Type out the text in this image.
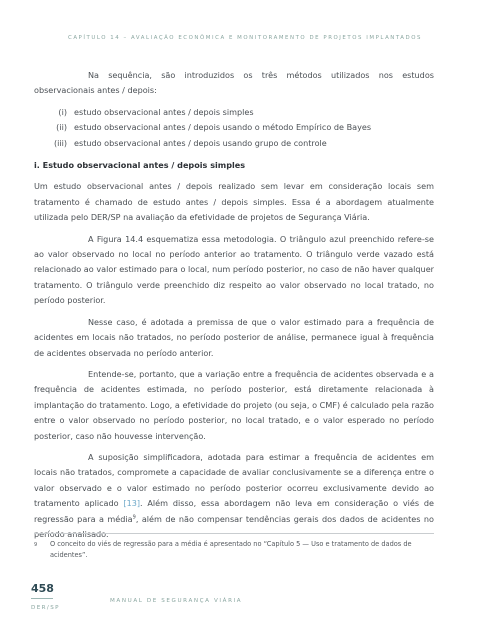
CAPÍTULO 14 – AVALIAÇÃO ECONÔMICA E MONITORAMENTO DE PROJETOS IMPLANTADOS

Na sequência, são introduzidos os três métodos utilizados nos estudos observacionais antes / depois:

(i) estudo observacional antes / depois simples
(ii) estudo observacional antes / depois usando o método Empírico de Bayes
(iii) estudo observacional antes / depois usando grupo de controle

i. Estudo observacional antes / depois simples

Um estudo observacional antes / depois realizado sem levar em consideração locais sem tratamento é chamado de estudo antes / depois simples. Essa é a abordagem atualmente utilizada pelo DER/SP na avaliação da efetividade de projetos de Segurança Viária.

A Figura 14.4 esquematiza essa metodologia. O triângulo azul preenchido refere-se ao valor observado no local no período anterior ao tratamento. O triângulo verde vazado está relacionado ao valor estimado para o local, num período posterior, no caso de não haver qualquer tratamento. O triângulo verde preenchido diz respeito ao valor observado no local tratado, no período posterior.

Nesse caso, é adotada a premissa de que o valor estimado para a frequência de acidentes em locais não tratados, no período posterior de análise, permanece igual à frequência de acidentes observada no período anterior.

Entende-se, portanto, que a variação entre a frequência de acidentes observada e a frequência de acidentes estimada, no período posterior, está diretamente relacionada à implantação do tratamento. Logo, a efetividade do projeto (ou seja, o CMF) é calculado pela razão entre o valor observado no período posterior, no local tratado, e o valor esperado no período posterior, caso não houvesse intervenção.

A suposição simplificadora, adotada para estimar a frequência de acidentes em locais não tratados, compromete a capacidade de avaliar conclusivamente se a diferença entre o valor observado e o valor estimado no período posterior ocorreu exclusivamente devido ao tratamento aplicado [13]. Além disso, essa abordagem não leva em consideração o viés de regressão para a média$^9$, além de não compensar tendências gerais dos dados de acidentes no período analisado.

9	O conceito do viés de regressão para a média é apresentado no “Capítulo 5 — Uso e tratamento de dados de acidentes”.
458
DER/SP
MANUAL DE SEGURANÇA VIÁRIA
